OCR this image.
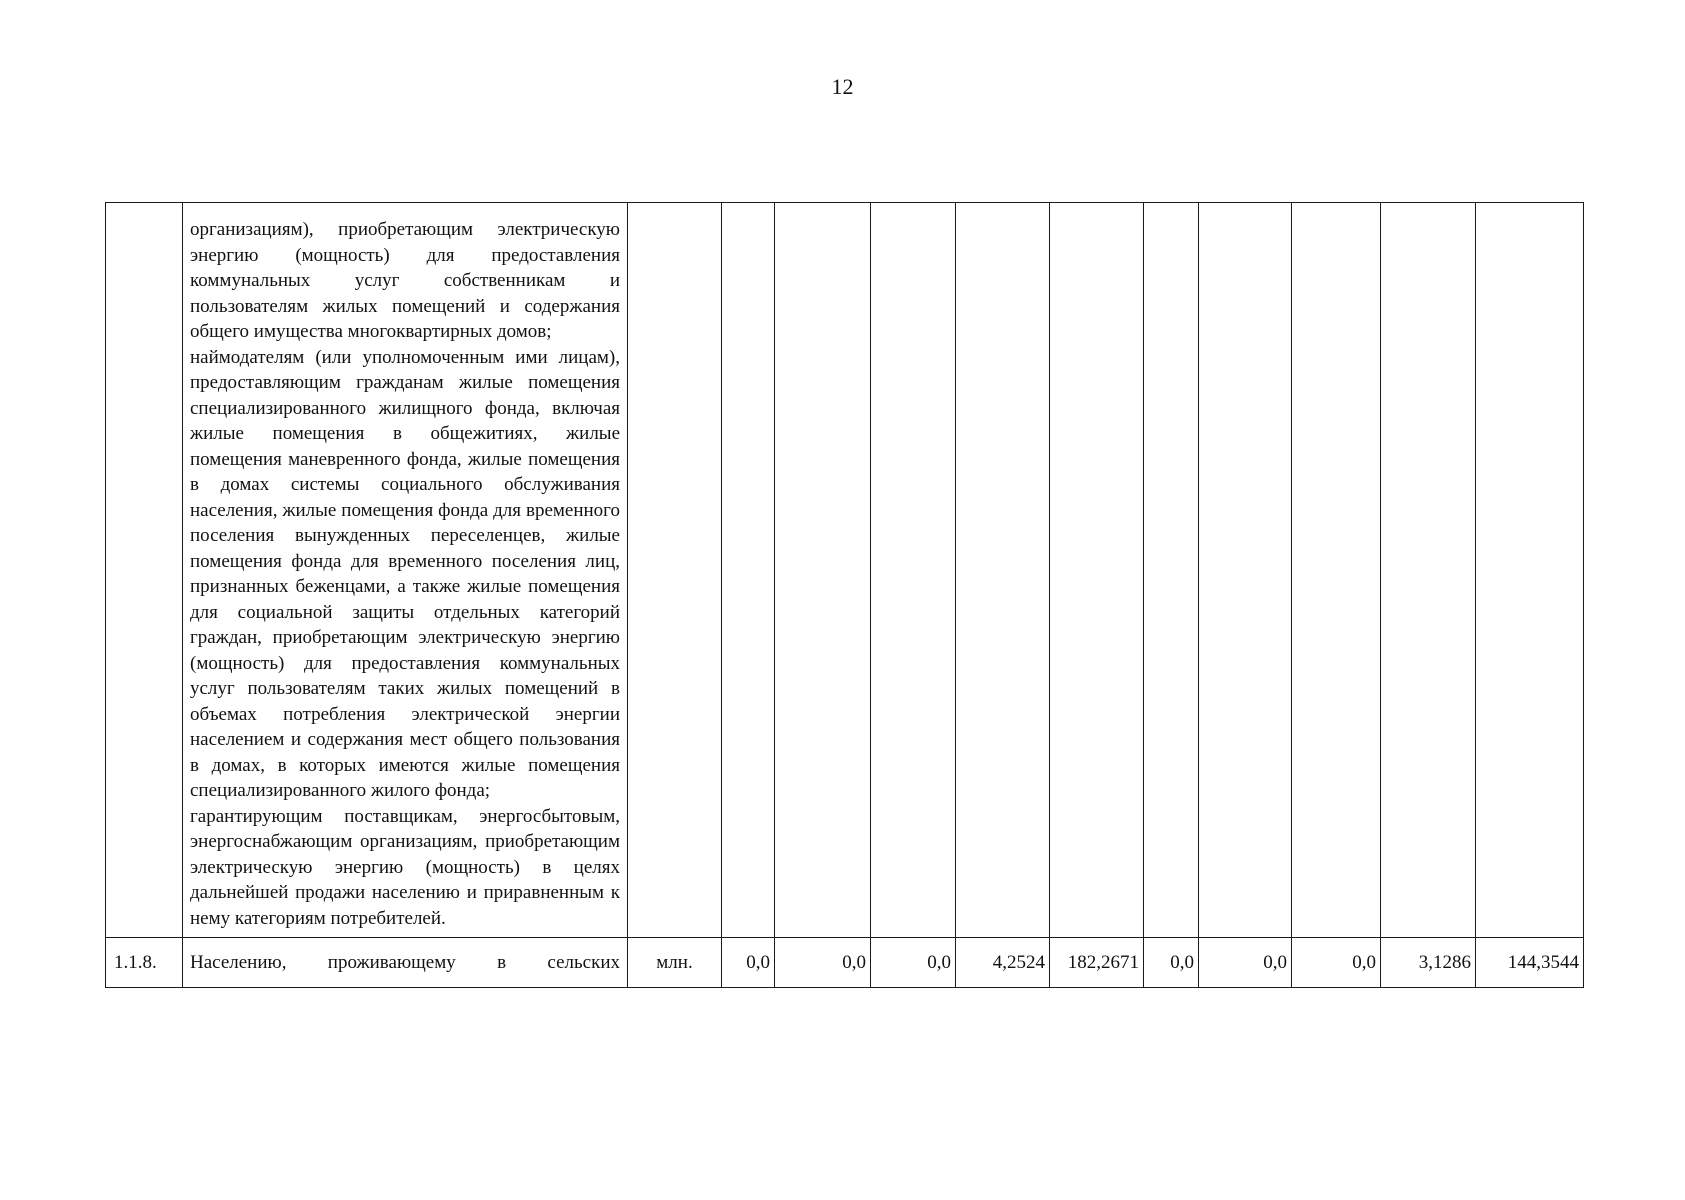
12

	организациям), приобретающим электрическую энергию (мощность) для предоставления коммунальных услуг собственникам и пользователям жилых помещений и содержания общего имущества многоквартирных домов;
наймодателям (или уполномоченным ими лицам), предоставляющим гражданам жилые помещения специализированного жилищного фонда, включая жилые помещения в общежитиях, жилые помещения маневренного фонда, жилые помещения в домах системы социального обслуживания населения, жилые помещения фонда для временного поселения вынужденных переселенцев, жилые помещения фонда для временного поселения лиц, признанных беженцами, а также жилые помещения для социальной защиты отдельных категорий граждан, приобретающим электрическую энергию (мощность) для предоставления коммунальных услуг пользователям таких жилых помещений в объемах потребления электрической энергии населением и содержания мест общего пользования в домах, в которых имеются жилые помещения специализированного жилого фонда;
гарантирующим поставщикам, энергосбытовым, энергоснабжающим организациям, приобретающим электрическую энергию (мощность) в целях дальнейшей продажи населению и приравненным к нему категориям потребителей.											

1.1.8.	Населению, проживающему в сельских	млн.	0,0	0,0	0,0	4,2524	182,2671	0,0	0,0	0,0	3,1286	144,3544
